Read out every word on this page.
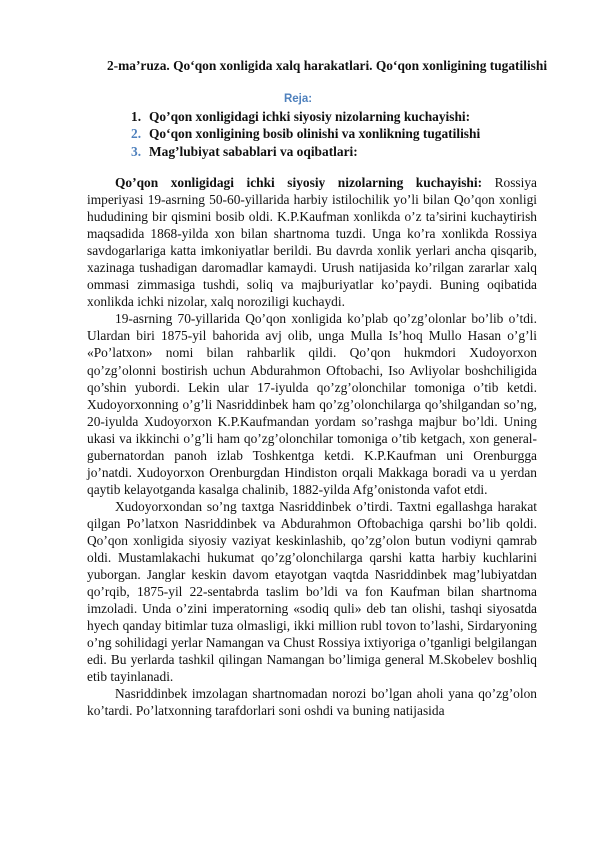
2-ma’ruza. Qo‘qon xonligida xalq harakatlari. Qo‘qon xonligining tugatilishi
Reja:
1. Qo’qon xonligidagi ichki siyosiy nizolarning kuchayishi:
2. Qo‘qon xonligining bosib olinishi va xonlikning tugatilishi
3. Mag’lubiyat sabablari va oqibatlari:

Qo’qon xonligidagi ichki siyosiy nizolarning kuchayishi: Rossiya imperiyasi 19-asrning 50-60-yillarida harbiy istilochilik yo’li bilan Qo’qon xonligi hududining bir qismini bosib oldi. K.P.Kaufman xonlikda o’z ta’sirini kuchaytirish maqsadida 1868-yilda xon bilan shartnoma tuzdi. Unga ko’ra xonlikda Rossiya savdogarlariga katta imkoniyatlar berildi. Bu davrda xonlik yerlari ancha qisqarib, xazinaga tushadigan daromadlar kamaydi. Urush natijasida ko’rilgan zararlar xalq ommasi zimmasiga tushdi, soliq va majburiyatlar ko’paydi. Buning oqibatida xonlikda ichki nizolar, xalq noroziligi kuchaydi.

19-asrning 70-yillarida Qo’qon xonligida ko’plab qo’zg’olonlar bo’lib o’tdi. Ulardan biri 1875-yil bahorida avj olib, unga Mulla Is’hoq Mullo Hasan o’g’li «Po’latxon» nomi bilan rahbarlik qildi. Qo’qon hukmdori Xudoyorxon qo’zg’olonni bostirish uchun Abdurahmon Oftobachi, Iso Avliyolar boshchiligida qo’shin yubordi. Lekin ular 17-iyulda qo’zg’olonchilar tomoniga o’tib ketdi. Xudoyorxonning o’g’li Nasriddinbek ham qo’zg’olonchilarga qo’shilgandan so’ng, 20-iyulda Xudoyorxon K.P.Kaufmandan yordam so’rashga majbur bo’ldi. Uning ukasi va ikkinchi o’g’li ham qo’zg’olonchilar tomoniga o’tib ketgach, xon general-gubernatordan panoh izlab Toshkentga ketdi. K.P.Kaufman uni Orenburgga jo’natdi. Xudoyorxon Orenburgdan Hindiston orqali Makkaga boradi va u yerdan qaytib kelayotganda kasalga chalinib, 1882-yilda Afg’onistonda vafot etdi.

Xudoyorxondan so’ng taxtga Nasriddinbek o’tirdi. Taxtni egallashga harakat qilgan Po’latxon Nasriddinbek va Abdurahmon Oftobachiga qarshi bo’lib qoldi. Qo’qon xonligida siyosiy vaziyat keskinlashib, qo’zg’olon butun vodiyni qamrab oldi. Mustamlakachi hukumat qo’zg’olonchilarga qarshi katta harbiy kuchlarini yuborgan. Janglar keskin davom etayotgan vaqtda Nasriddinbek mag’lubiyatdan qo’rqib, 1875-yil 22-sentabrda taslim bo’ldi va fon Kaufman bilan shartnoma imzoladi. Unda o’zini imperatorning «sodiq quli» deb tan olishi, tashqi siyosatda hyech qanday bitimlar tuza olmasligi, ikki million rubl tovon to’lashi, Sirdaryoning o’ng sohilidagi yerlar Namangan va Chust Rossiya ixtiyoriga o’tganligi belgilangan edi. Bu yerlarda tashkil qilingan Namangan bo’limiga general M.Skobelev boshliq etib tayinlanadi.

Nasriddinbek imzolagan shartnomadan norozi bo’lgan aholi yana qo’zg’olon ko’tardi. Po’latxonning tarafdorlari soni oshdi va buning natijasida
